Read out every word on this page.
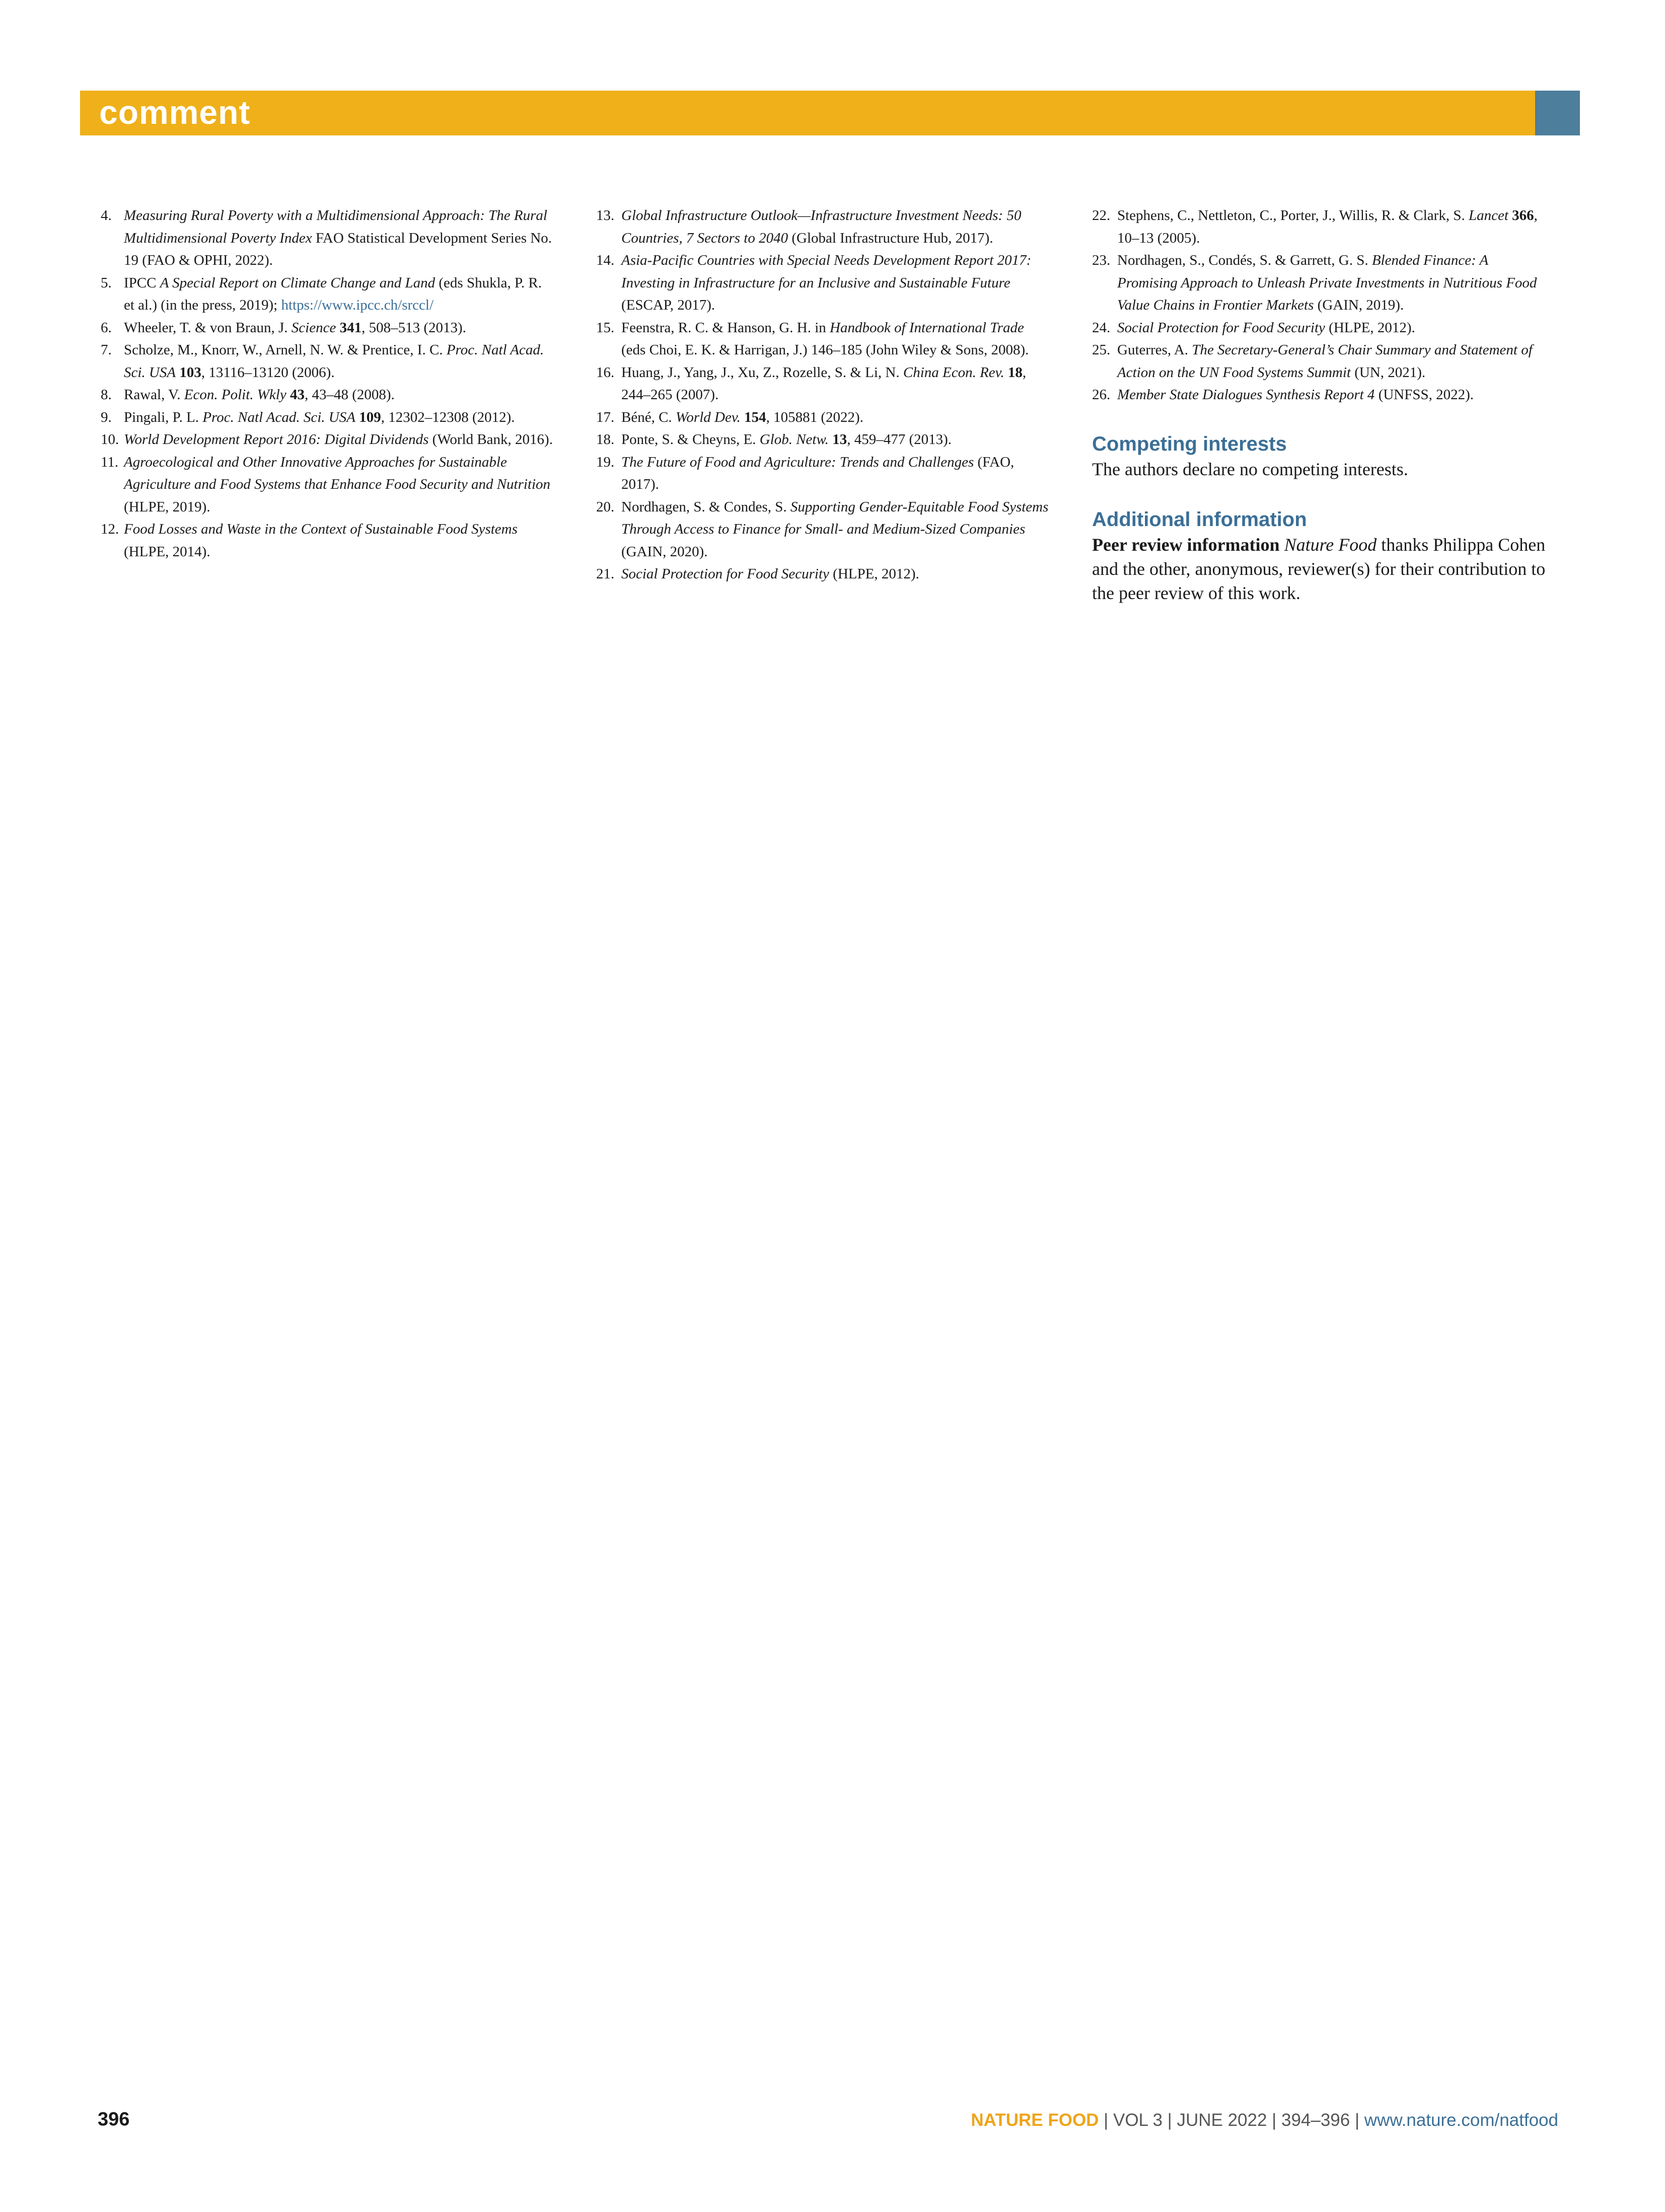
comment

4. Measuring Rural Poverty with a Multidimensional Approach: The Rural Multidimensional Poverty Index FAO Statistical Development Series No. 19 (FAO & OPHI, 2022).

5. IPCC A Special Report on Climate Change and Land (eds Shukla, P. R. et al.) (in the press, 2019); https://www.ipcc.ch/srccl/

6. Wheeler, T. & von Braun, J. Science 341, 508–513 (2013).

7. Scholze, M., Knorr, W., Arnell, N. W. & Prentice, I. C. Proc. Natl Acad. Sci. USA 103, 13116–13120 (2006).

8. Rawal, V. Econ. Polit. Wkly 43, 43–48 (2008).

9. Pingali, P. L. Proc. Natl Acad. Sci. USA 109, 12302–12308 (2012).

10. World Development Report 2016: Digital Dividends (World Bank, 2016).

11. Agroecological and Other Innovative Approaches for Sustainable Agriculture and Food Systems that Enhance Food Security and Nutrition (HLPE, 2019).

12. Food Losses and Waste in the Context of Sustainable Food Systems (HLPE, 2014).

13. Global Infrastructure Outlook—Infrastructure Investment Needs: 50 Countries, 7 Sectors to 2040 (Global Infrastructure Hub, 2017).

14. Asia-Pacific Countries with Special Needs Development Report 2017: Investing in Infrastructure for an Inclusive and Sustainable Future (ESCAP, 2017).

15. Feenstra, R. C. & Hanson, G. H. in Handbook of International Trade (eds Choi, E. K. & Harrigan, J.) 146–185 (John Wiley & Sons, 2008).

16. Huang, J., Yang, J., Xu, Z., Rozelle, S. & Li, N. China Econ. Rev. 18, 244–265 (2007).

17. Béné, C. World Dev. 154, 105881 (2022).

18. Ponte, S. & Cheyns, E. Glob. Netw. 13, 459–477 (2013).

19. The Future of Food and Agriculture: Trends and Challenges (FAO, 2017).

20. Nordhagen, S. & Condes, S. Supporting Gender-Equitable Food Systems Through Access to Finance for Small- and Medium-Sized Companies (GAIN, 2020).

21. Social Protection for Food Security (HLPE, 2012).

22. Stephens, C., Nettleton, C., Porter, J., Willis, R. & Clark, S. Lancet 366, 10–13 (2005).

23. Nordhagen, S., Condés, S. & Garrett, G. S. Blended Finance: A Promising Approach to Unleash Private Investments in Nutritious Food Value Chains in Frontier Markets (GAIN, 2019).

24. Social Protection for Food Security (HLPE, 2012).

25. Guterres, A. The Secretary-General’s Chair Summary and Statement of Action on the UN Food Systems Summit (UN, 2021).

26. Member State Dialogues Synthesis Report 4 (UNFSS, 2022).

Competing interests

The authors declare no competing interests.

Additional information

Peer review information Nature Food thanks Philippa Cohen and the other, anonymous, reviewer(s) for their contribution to the peer review of this work.

396	NATURE FOOD | VOL 3 | JUNE 2022 | 394–396 | www.nature.com/natfood
